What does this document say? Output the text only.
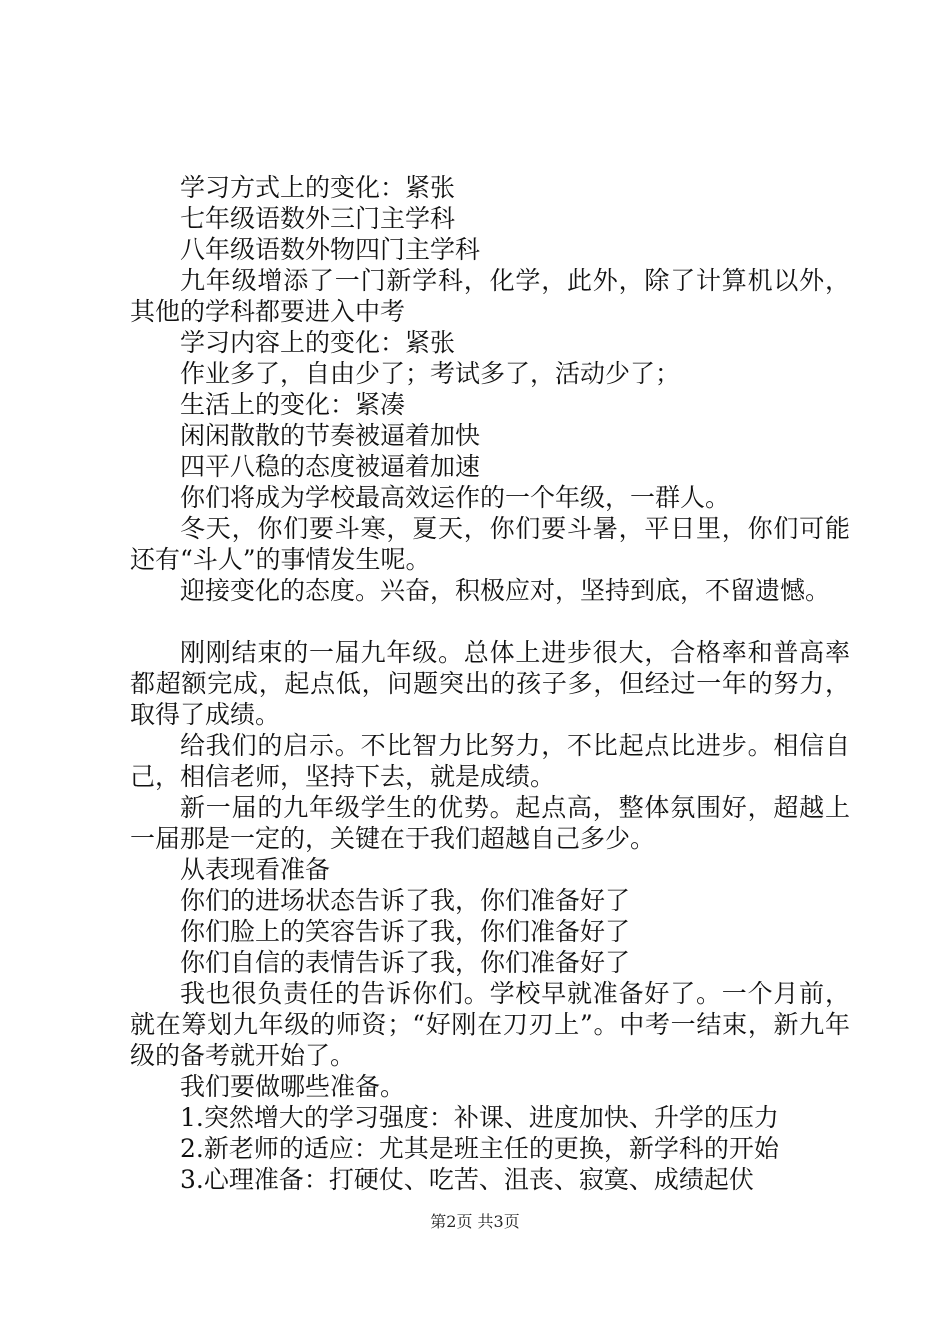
学习方式上的变化：紧张

七年级语数外三门主学科

八年级语数外物四门主学科

九年级增添了一门新学科，化学，此外，除了计算机以外，其他的学科都要进入中考

学习内容上的变化：紧张

作业多了，自由少了；考试多了，活动少了；

生活上的变化：紧凑

闲闲散散的节奏被逼着加快

四平八稳的态度被逼着加速

你们将成为学校最高效运作的一个年级，一群人。

冬天，你们要斗寒，夏天，你们要斗暑，平日里，你们可能还有“斗人”的事情发生呢。

迎接变化的态度。兴奋，积极应对，坚持到底，不留遗憾。

刚刚结束的一届九年级。总体上进步很大，合格率和普高率都超额完成，起点低，问题突出的孩子多，但经过一年的努力，取得了成绩。

给我们的启示。不比智力比努力，不比起点比进步。相信自己，相信老师，坚持下去，就是成绩。

新一届的九年级学生的优势。起点高，整体氛围好，超越上一届那是一定的，关键在于我们超越自己多少。

从表现看准备

你们的进场状态告诉了我，你们准备好了

你们脸上的笑容告诉了我，你们准备好了

你们自信的表情告诉了我，你们准备好了

我也很负责任的告诉你们。学校早就准备好了。一个月前，就在筹划九年级的师资；“好刚在刀刃上”。中考一结束，新九年级的备考就开始了。

我们要做哪些准备。

1.突然增大的学习强度：补课、进度加快、升学的压力

2.新老师的适应：尤其是班主任的更换，新学科的开始

3.心理准备：打硬仗、吃苦、沮丧、寂寞、成绩起伏

第2页 共3页
